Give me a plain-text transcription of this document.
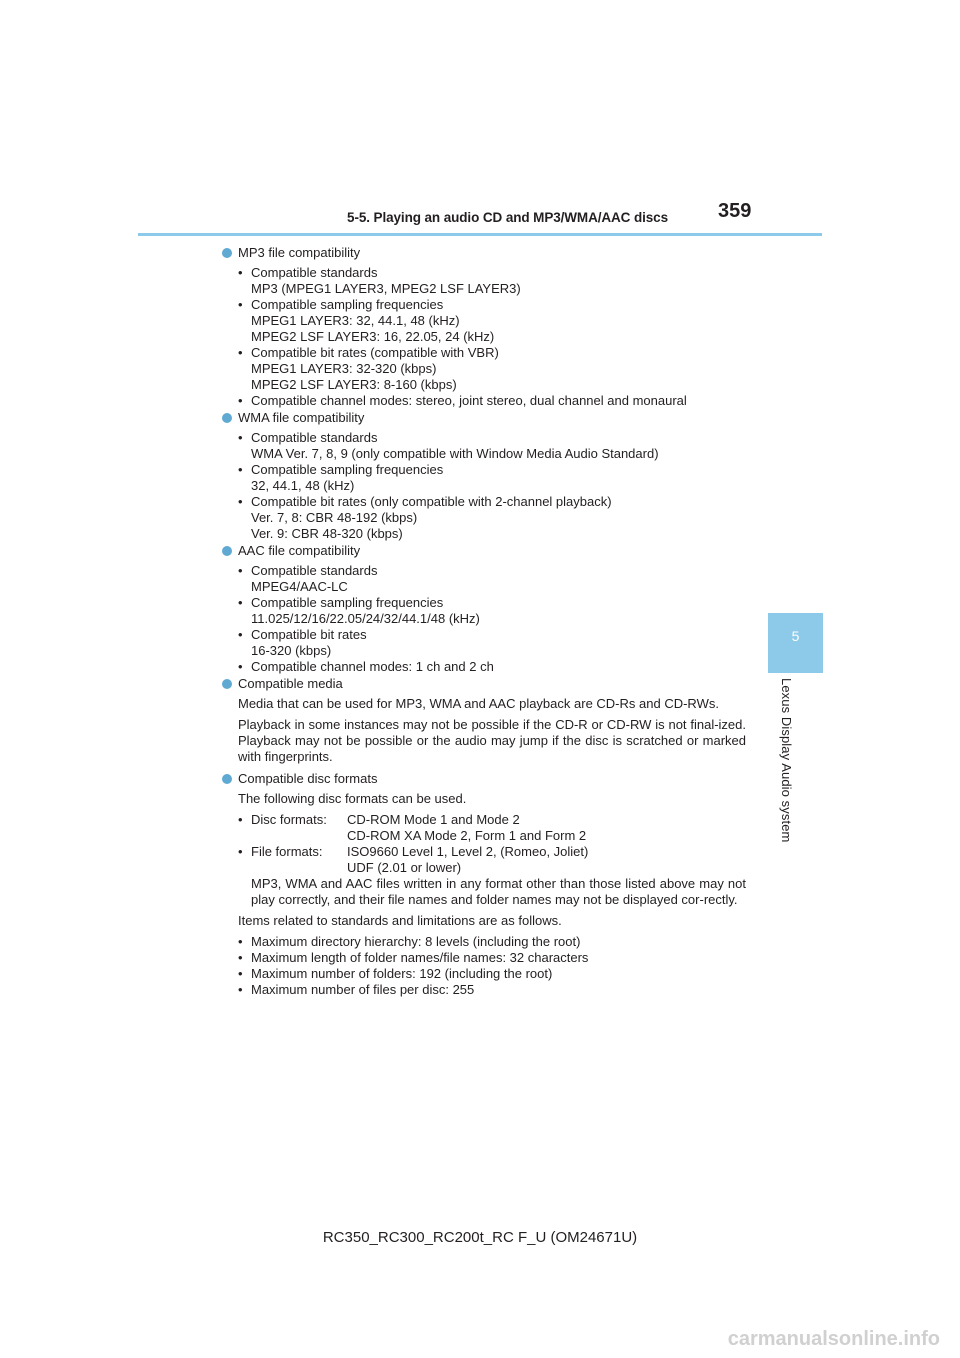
5-5. Playing an audio CD and MP3/WMA/AAC discs	359
5
Lexus Display Audio system
MP3 file compatibility
• Compatible standards
MP3 (MPEG1 LAYER3, MPEG2 LSF LAYER3)
• Compatible sampling frequencies
MPEG1 LAYER3: 32, 44.1, 48 (kHz)
MPEG2 LSF LAYER3: 16, 22.05, 24 (kHz)
• Compatible bit rates (compatible with VBR)
MPEG1 LAYER3: 32-320 (kbps)
MPEG2 LSF LAYER3: 8-160 (kbps)
• Compatible channel modes: stereo, joint stereo, dual channel and monaural
WMA file compatibility
• Compatible standards
WMA Ver. 7, 8, 9 (only compatible with Window Media Audio Standard)
• Compatible sampling frequencies
32, 44.1, 48 (kHz)
• Compatible bit rates (only compatible with 2-channel playback)
Ver. 7, 8: CBR 48-192 (kbps)
Ver. 9: CBR 48-320 (kbps)
AAC file compatibility
• Compatible standards
MPEG4/AAC-LC
• Compatible sampling frequencies
11.025/12/16/22.05/24/32/44.1/48 (kHz)
• Compatible bit rates
16-320 (kbps)
• Compatible channel modes: 1 ch and 2 ch
Compatible media

Media that can be used for MP3, WMA and AAC playback are CD-Rs and CD-RWs.

Playback in some instances may not be possible if the CD-R or CD-RW is not final-ized. Playback may not be possible or the audio may jump if the disc is scratched or marked with fingerprints.

Compatible disc formats

The following disc formats can be used.

• Disc formats:	CD-ROM Mode 1 and Mode 2
CD-ROM XA Mode 2, Form 1 and Form 2
• File formats:	ISO9660 Level 1, Level 2, (Romeo, Joliet)
UDF (2.01 or lower)
MP3, WMA and AAC files written in any format other than those listed above may not play correctly, and their file names and folder names may not be displayed cor-rectly.

Items related to standards and limitations are as follows.

• Maximum directory hierarchy: 8 levels (including the root)
• Maximum length of folder names/file names: 32 characters
• Maximum number of folders: 192 (including the root)
• Maximum number of files per disc: 255
RC350_RC300_RC200t_RC F_U (OM24671U)
carmanualsonline.info
